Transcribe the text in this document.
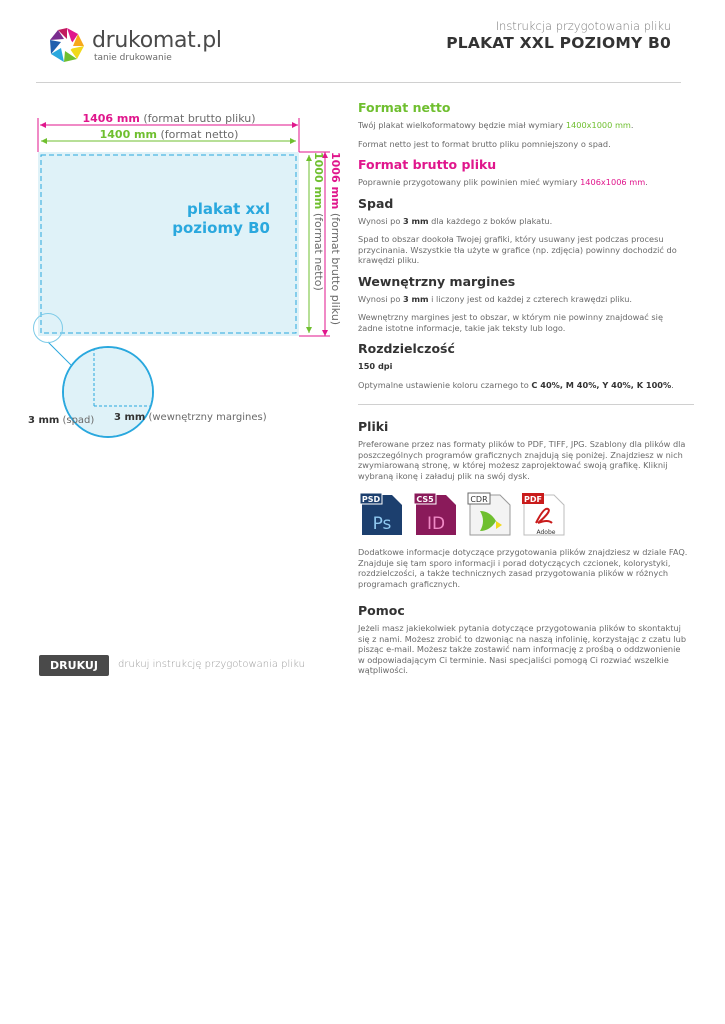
drukomat.pl
tanie drukowanie
Instrukcja przygotowania pliku
PLAKAT XXL POZIOMY B0
1406 mm (format brutto pliku)
1400 mm (format netto)
plakat xxl
poziomy B0
1000 mm (format netto)
1006 mm (format brutto pliku)
3 mm (spad) 3 mm (wewnętrzny margines)
DRUKUJ	drukuj instrukcję przygotowania pliku
Format netto
Twój plakat wielkoformatowy będzie miał wymiary 1400x1000 mm.
Format netto jest to format brutto pliku pomniejszony o spad.
Format brutto pliku
Poprawnie przygotowany plik powinien mieć wymiary 1406x1006 mm.
Spad
Wynosi po 3 mm dla każdego z boków plakatu.
Spad to obszar dookoła Twojej grafiki, który usuwany jest podczas procesu przycinania. Wszystkie tła użyte w grafice (np. zdjęcia) powinny dochodzić do krawędzi pliku.
Wewnętrzny margines
Wynosi po 3 mm i liczony jest od każdej z czterech krawędzi pliku.
Wewnętrzny margines jest to obszar, w którym nie powinny znajdować się żadne istotne informacje, takie jak teksty lub logo.
Rozdzielczość
150 dpi
Optymalne ustawienie koloru czarnego to C 40%, M 40%, Y 40%, K 100%.
Pliki
Preferowane przez nas formaty plików to PDF, TIFF, JPG. Szablony dla plików dla poszczególnych programów graficznych znajdują się poniżej. Znajdziesz w nich zwymiarowaną stronę, w której możesz zaprojektować swoją grafikę. Kliknij wybraną ikonę i załaduj plik na swój dysk.
PSD
Ps
CS5
ID
CDR	PDF
Adobe
Dodatkowe informacje dotyczące przygotowania plików znajdziesz w dziale FAQ. Znajduje się tam sporo informacji i porad dotyczących czcionek, kolorystyki, rozdzielczości, a także technicznych zasad przygotowania plików w różnych programach graficznych.
Pomoc
Jeżeli masz jakiekolwiek pytania dotyczące przygotowania plików to skontaktuj się z nami. Możesz zrobić to dzwoniąc na naszą infolinię, korzystając z czatu lub pisząc e-mail. Możesz także zostawić nam informację z prośbą o oddzwonienie w odpowiadającym Ci terminie. Nasi specjaliści pomogą Ci rozwiać wszelkie wątpliwości.
